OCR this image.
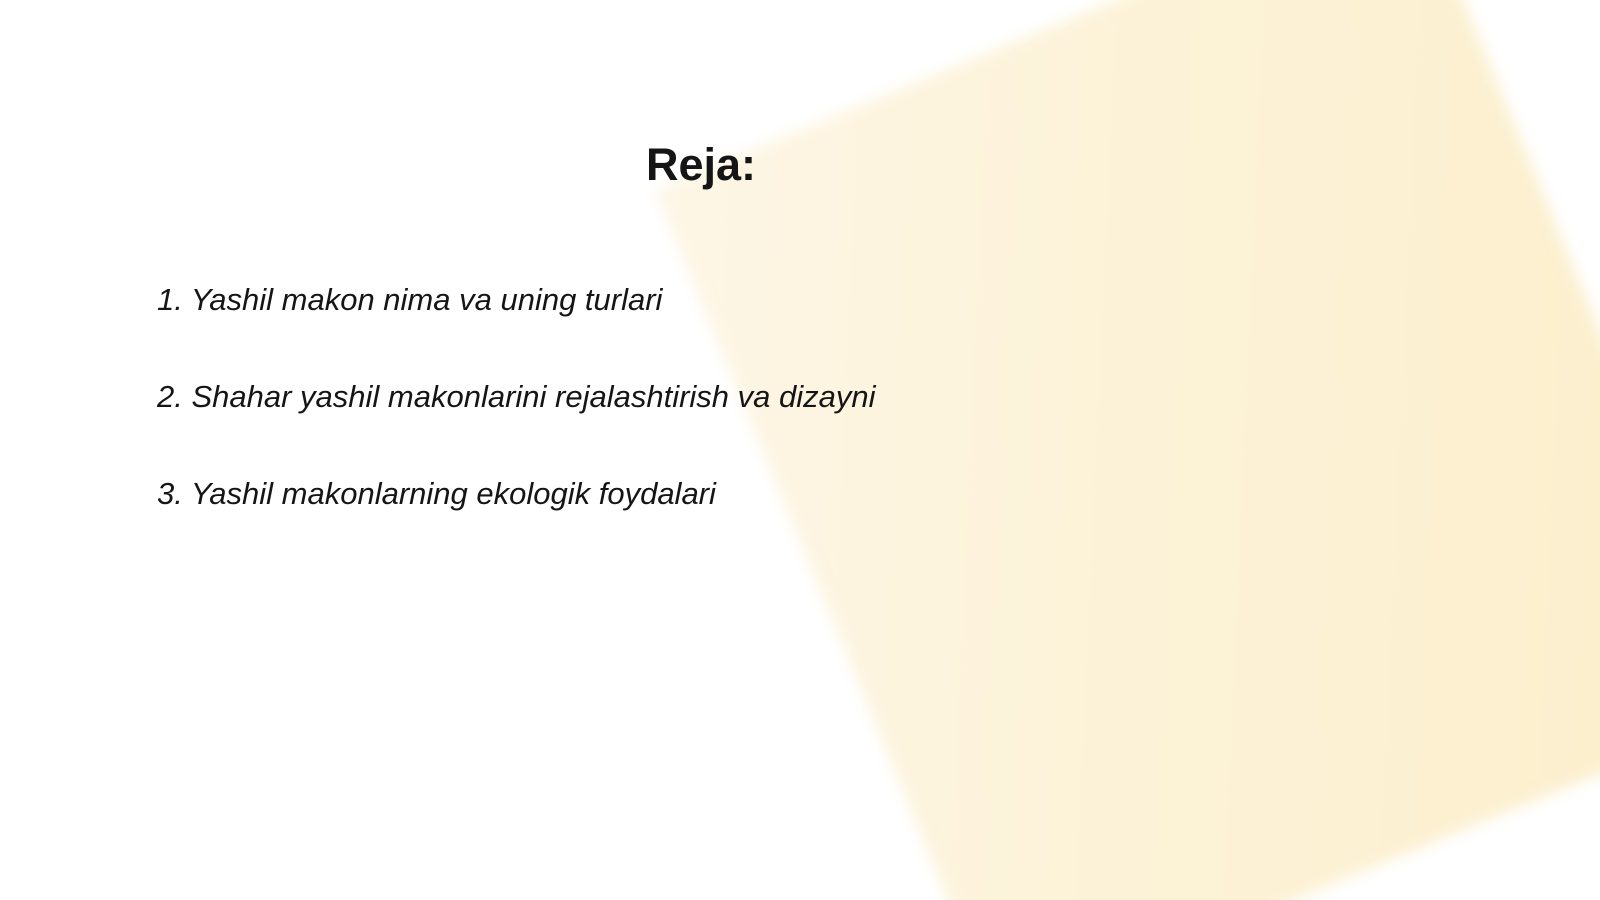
Reja:
1. Yashil makon nima va uning turlari
2. Shahar yashil makonlarini rejalashtirish va dizayni
3. Yashil makonlarning ekologik foydalari
